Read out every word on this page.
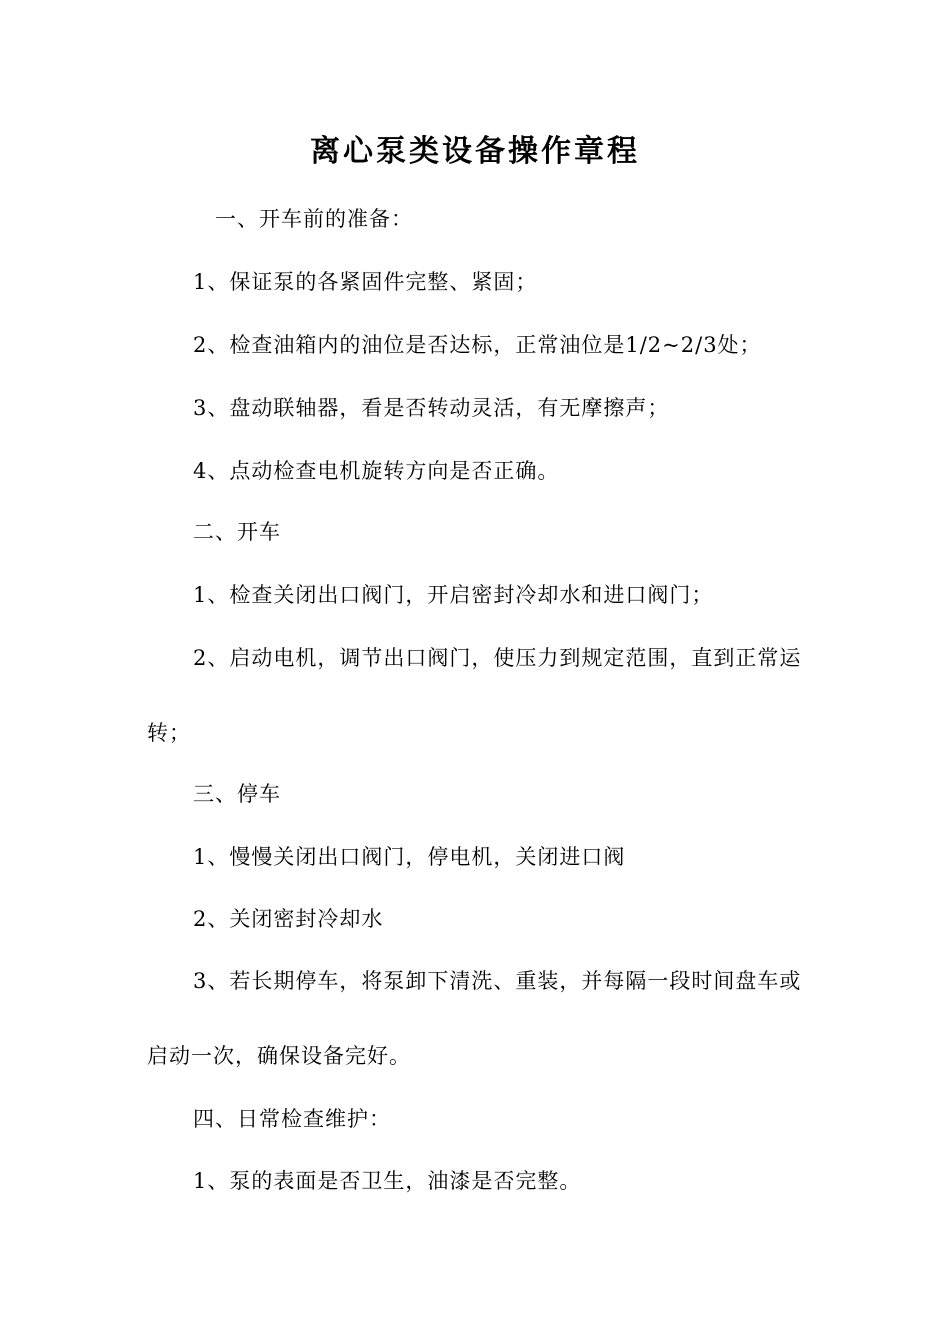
离心泵类设备操作章程

一、开车前的准备：

1、保证泵的各紧固件完整、紧固；

2、检查油箱内的油位是否达标，正常油位是1/2~2/3处；

3、盘动联轴器，看是否转动灵活，有无摩擦声；

4、点动检查电机旋转方向是否正确。

二、开车

1、检查关闭出口阀门，开启密封冷却水和进口阀门；

2、启动电机，调节出口阀门，使压力到规定范围，直到正常运

转；

三、停车

1、慢慢关闭出口阀门，停电机，关闭进口阀

2、关闭密封冷却水

3、若长期停车，将泵卸下清洗、重装，并每隔一段时间盘车或

启动一次，确保设备完好。

四、日常检查维护：

1、泵的表面是否卫生，油漆是否完整。
